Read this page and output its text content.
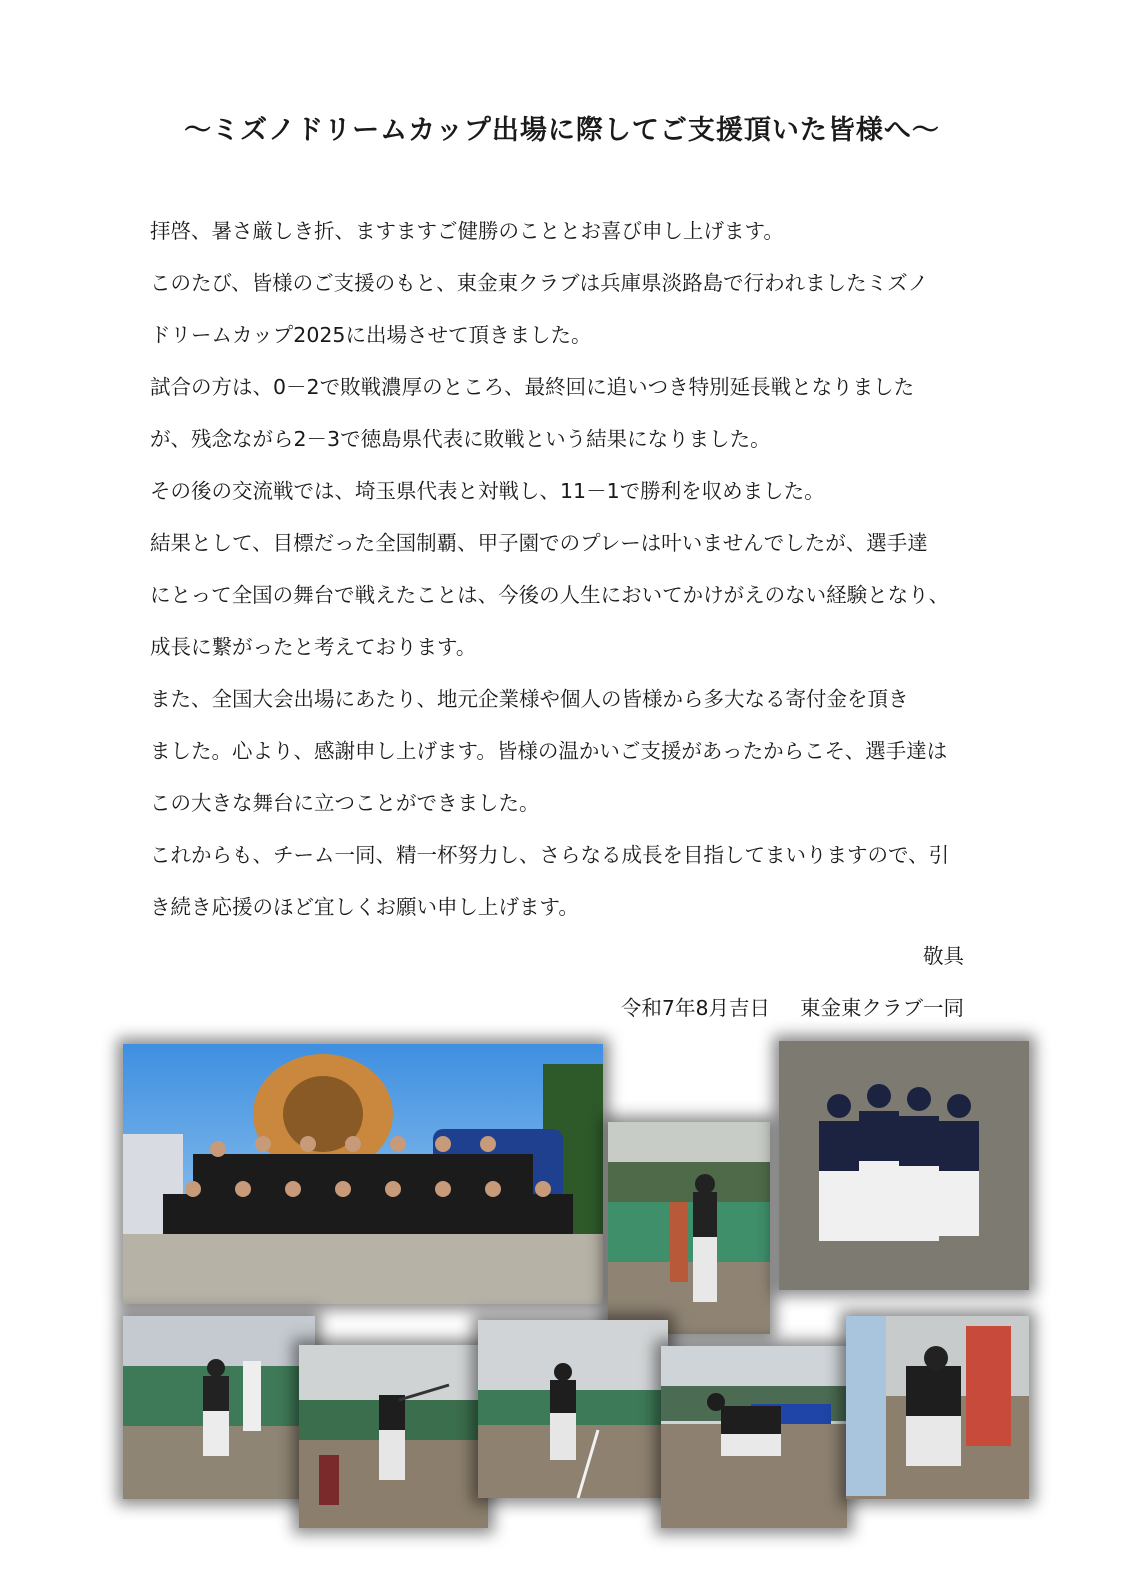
～ミズノドリームカップ出場に際してご支援頂いた皆様へ～

拝啓、暑さ厳しき折、ますますご健勝のこととお喜び申し上げます。

このたび、皆様のご支援のもと、東金東クラブは兵庫県淡路島で行われましたミズノ
ドリームカップ2025に出場させて頂きました。

試合の方は、0－2で敗戦濃厚のところ、最終回に追いつき特別延長戦となりました
が、残念ながら2－3で徳島県代表に敗戦という結果になりました。

その後の交流戦では、埼玉県代表と対戦し、11－1で勝利を収めました。

結果として、目標だった全国制覇、甲子園でのプレーは叶いませんでしたが、選手達
にとって全国の舞台で戦えたことは、今後の人生においてかけがえのない経験となり、
成長に繋がったと考えております。

また、全国大会出場にあたり、地元企業様や個人の皆様から多大なる寄付金を頂き
ました。心より、感謝申し上げます。皆様の温かいご支援があったからこそ、選手達は
この大きな舞台に立つことができました。

これからも、チーム一同、精一杯努力し、さらなる成長を目指してまいりますので、引
き続き応援のほど宜しくお願い申し上げます。

敬具
令和7年8月吉日 東金東クラブ一同
